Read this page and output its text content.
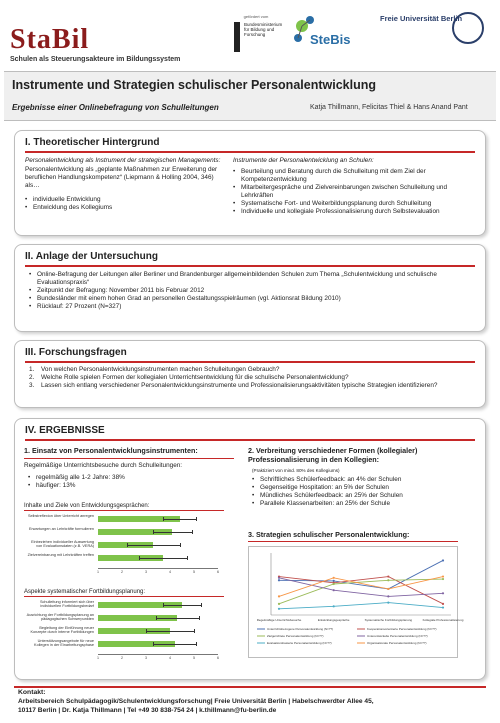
StaBil
Schulen als Steuerungsakteure im Bildungssystem
gefördert vom
Bundesministerium für Bildung und Forschung	SteBis
Freie Universität Berlin
Instrumente und Strategien schulischer Personalentwicklung
Ergebnisse einer Onlinebefragung von Schulleitungen	Katja Thillmann, Felicitas Thiel & Hans Anand Pant
I. Theoretischer Hintergrund
Personalentwicklung als Instrument der strategischen Managements:
Personalentwicklung als „geplante Maßnahmen zur Erweiterung der beruflichen Handlungskompetenz“ (Liepmann & Holling 2004, 346) als…
• individuelle Entwicklung
• Entwicklung des Kollegiums
Instrumente der Personalentwicklung an Schulen:
• Beurteilung und Beratung durch die Schulleitung mit dem Ziel der Kompetenzentwicklung
• Mitarbeitergespräche und Zielvereinbarungen zwischen Schulleitung und Lehrkräften
• Systematische Fort- und Weiterbildungsplanung durch Schulleitung
• Individuelle und kollegiale Professionalisierung durch Selbstevaluation
II. Anlage der Untersuchung
• Online-Befragung der Leitungen aller Berliner und Brandenburger allgemeinbildenden Schulen zum Thema „Schulentwicklung und schulische Evaluationspraxis“
• Zeitpunkt der Befragung: November 2011 bis Februar 2012
• Bundesländer mit einem hohen Grad an personellen Gestaltungsspielräumen (vgl. Aktionsrat Bildung 2010)
• Rücklauf: 27 Prozent (N=327)
III. Forschungsfragen
1. Von welchen Personalentwicklungsinstrumenten machen Schulleitungen Gebrauch?
2. Welche Rolle spielen Formen der kollegialen Unterrichtsentwicklung für die schulische Personalentwicklung?
3. Lassen sich entlang verschiedener Personalentwicklungsinstrumente und Professionalisierungsaktivitäten typische Strategien identifizieren?
IV. ERGEBNISSE
1. Einsatz von Personalentwicklungsinstrumenten:
Regelmäßige Unterrichtsbesuche durch Schulleitungen:
• regelmäßig alle 1-2 Jahre: 38%
• häufiger: 13%
Inhalte und Ziele von Entwicklungsgesprächen:
Selbstreflexion über Unterricht anregen
Erwartungen an Lehrkräfte formulieren
Einbeziehen individueller Auswertung von Evaluationsdaten (z.B. VERA)
Zielvereinbarung mit Lehrkräften treffen
1	2	3	4	5	6
Aspekte systematischer Fortbildungsplanung:
Schulleitung informiert sich über individuellen Fortbildungsbedarf
Ausrichtung der Fortbildungsplanung an pädagogischen Schwerpunkten
Begleitung der Einführung neuer Konzepte durch interne Fortbildungen
Unterstützungsangebote für neue Kollegen in der Einarbeitungsphase
1	2	3	4	5	6
2. Verbreitung verschiedener Formen (kollegialer) Professionalisierung in den Kollegien:
(Praktiziert von mind. 80% des Kollegiums)
• Schriftliches Schülerfeedback: an 4% der Schulen
• Gegenseitige Hospitation: an 5% der Schulen
• Mündliches Schülerfeedback: an 25% der Schulen
• Parallele Klassenarbeiten: an 25% der Schule
3. Strategien schulischer Personalentwicklung:
Regelmäßige Unterrichtsbesuche	Entwicklungsgespräche	Systematische Fortbildungsplanung	Kollegiale Professionalisierung
Unterrichtsbezogene Personalentwicklung (N=??)	Kooperationsorientierte Personalentwicklung (N=??)
Zielgerichtete Personalentwicklung (N=??)	Unterentwickelte Personalentwicklung (N=??)
Evaluationsbasierte Personalentwicklung (N=??)	Organisationale Personalentwicklung (N=??)
Kontakt:
Arbeitsbereich Schulpädagogik/Schulentwicklungsforschung| Freie Universität Berlin | Habelschwerdter Allee 45,
10117 Berlin | Dr. Katja Thillmann | Tel +49 30 838-754 24 | k.thillmann@fu-berlin.de
